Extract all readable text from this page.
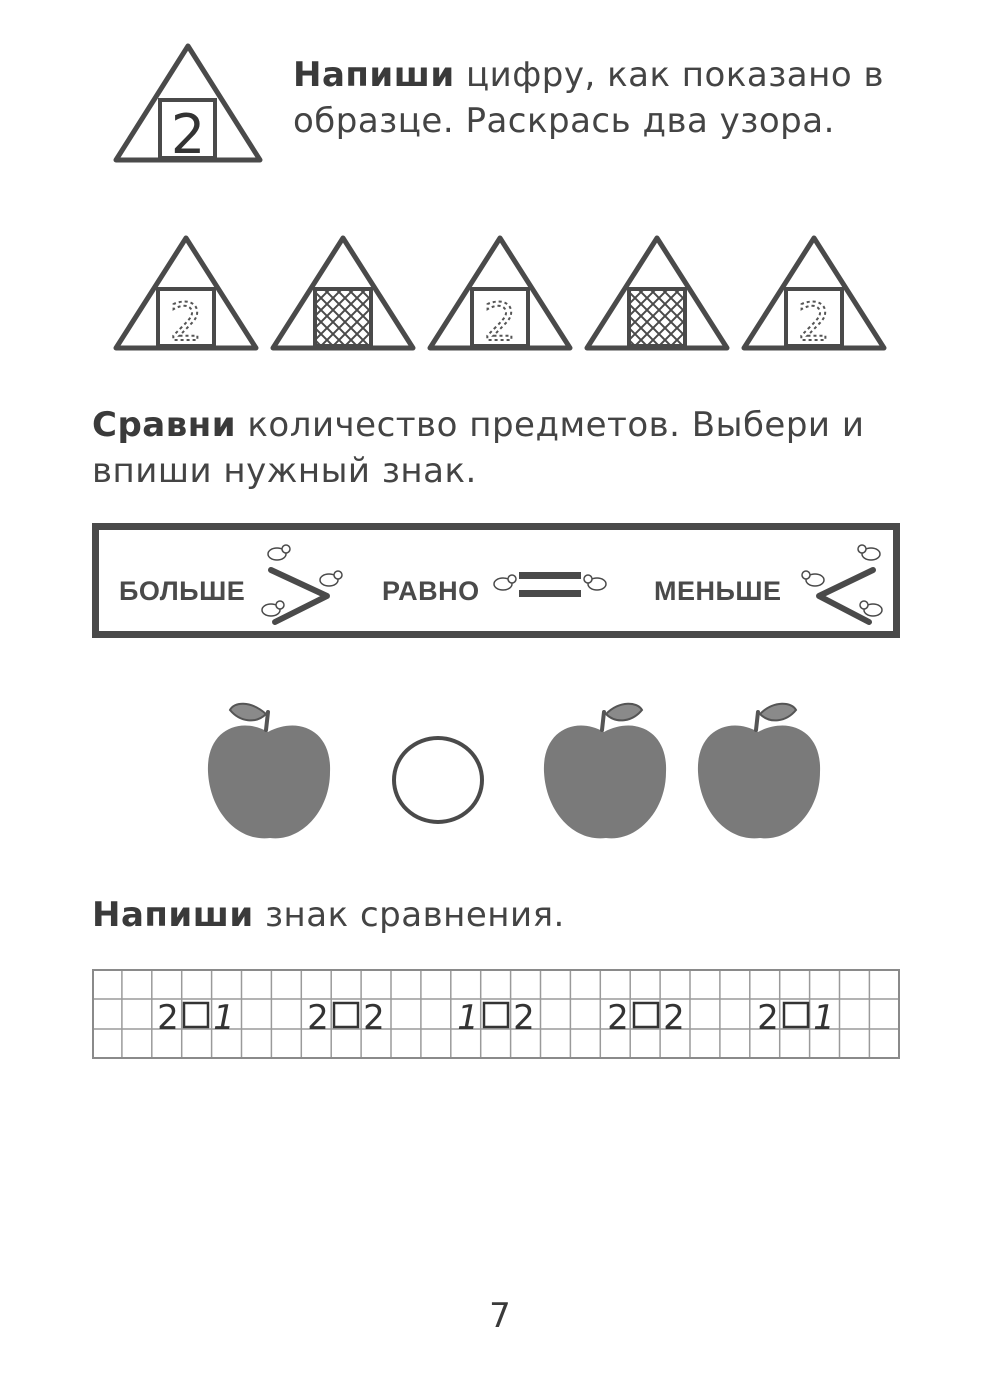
2
Напиши цифру, как показано в
образце. Раскрась два узора.
2	2	2
Сравни количество предметов. Выбери и
впиши нужный знак.
БОЛЬШЕ	РАВНО	МЕНЬШЕ
Напиши знак сравнения.
2 1 2 2 1 2 2 2 2 1
7
